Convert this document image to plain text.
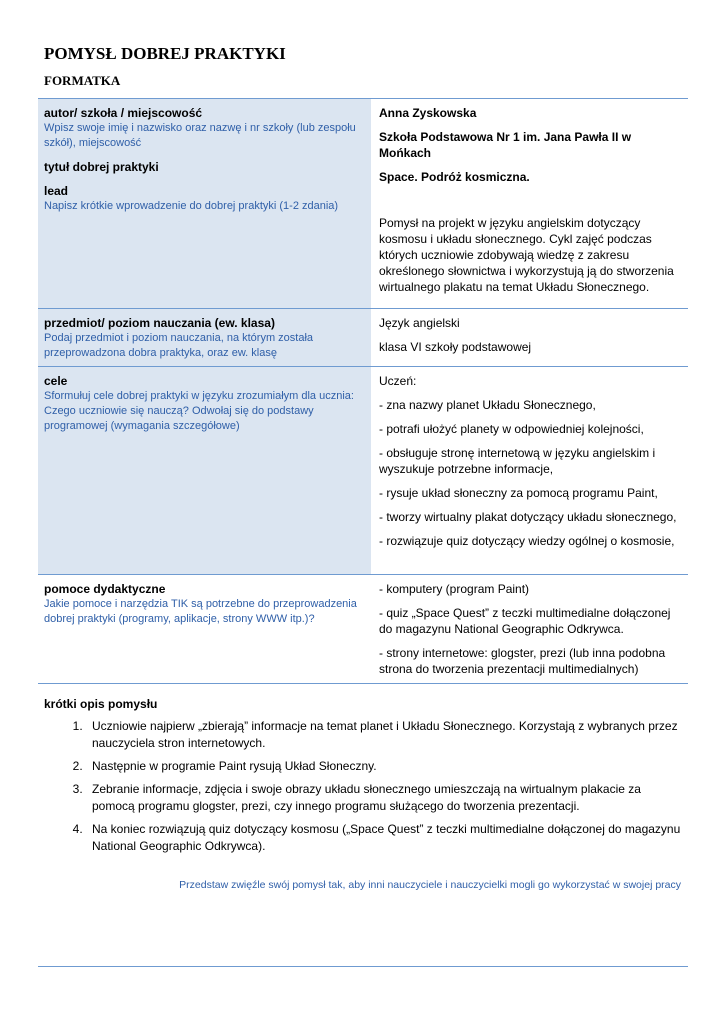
POMYSŁ DOBREJ PRAKTYKI
FORMATKA
autor/ szkoła / miejscowość
Wpisz swoje imię i nazwisko oraz nazwę i nr szkoły (lub zespołu szkół), miejscowość
tytuł dobrej praktyki
lead
Napisz krótkie wprowadzenie do dobrej praktyki (1-2 zdania)
Anna Zyskowska
Szkoła Podstawowa Nr 1 im. Jana Pawła II w Mońkach
Space. Podróż kosmiczna.
Pomysł na projekt w języku angielskim dotyczący kosmosu i układu słonecznego. Cykl zajęć podczas których uczniowie zdobywają wiedzę z zakresu określonego słownictwa i wykorzystują ją do stworzenia wirtualnego plakatu na temat Układu Słonecznego.
przedmiot/ poziom nauczania (ew. klasa)
Podaj przedmiot i poziom nauczania, na którym została przeprowadzona dobra praktyka, oraz ew. klasę
Język angielski
klasa VI szkoły podstawowej
cele
Sformułuj cele dobrej praktyki w języku zrozumiałym dla ucznia: Czego uczniowie się nauczą? Odwołaj się do podstawy programowej (wymagania szczegółowe)
Uczeń:
- zna nazwy planet Układu Słonecznego,
- potrafi ułożyć planety w odpowiedniej kolejności,
- obsługuje stronę internetową w języku angielskim i wyszukuje potrzebne informacje,
- rysuje układ słoneczny za pomocą programu Paint,
- tworzy wirtualny plakat dotyczący układu słonecznego,
- rozwiązuje quiz dotyczący wiedzy ogólnej o kosmosie,
pomoce dydaktyczne
Jakie pomoce i narzędzia TIK są potrzebne do przeprowadzenia dobrej praktyki (programy, aplikacje, strony WWW itp.)?
- komputery (program Paint)
- quiz „Space Quest” z teczki multimedialne dołączonej do magazynu National Geographic Odkrywca.
- strony internetowe: glogster, prezi (lub inna podobna strona do tworzenia prezentacji multimedialnych)
krótki opis pomysłu
1. Uczniowie najpierw „zbierają” informacje na temat planet i Układu Słonecznego. Korzystają z wybranych przez nauczyciela stron internetowych.
2. Następnie w programie Paint rysują Układ Słoneczny.
3. Zebranie informacje, zdjęcia i swoje obrazy układu słonecznego umieszczają na wirtualnym plakacie za pomocą programu glogster, prezi, czy innego programu służącego do tworzenia prezentacji.
4. Na koniec rozwiązują quiz dotyczący kosmosu („Space Quest” z teczki multimedialne dołączonej do magazynu National Geographic Odkrywca).
Przedstaw zwięźle swój pomysł tak, aby inni nauczyciele i nauczycielki mogli go wykorzystać w swojej pracy
